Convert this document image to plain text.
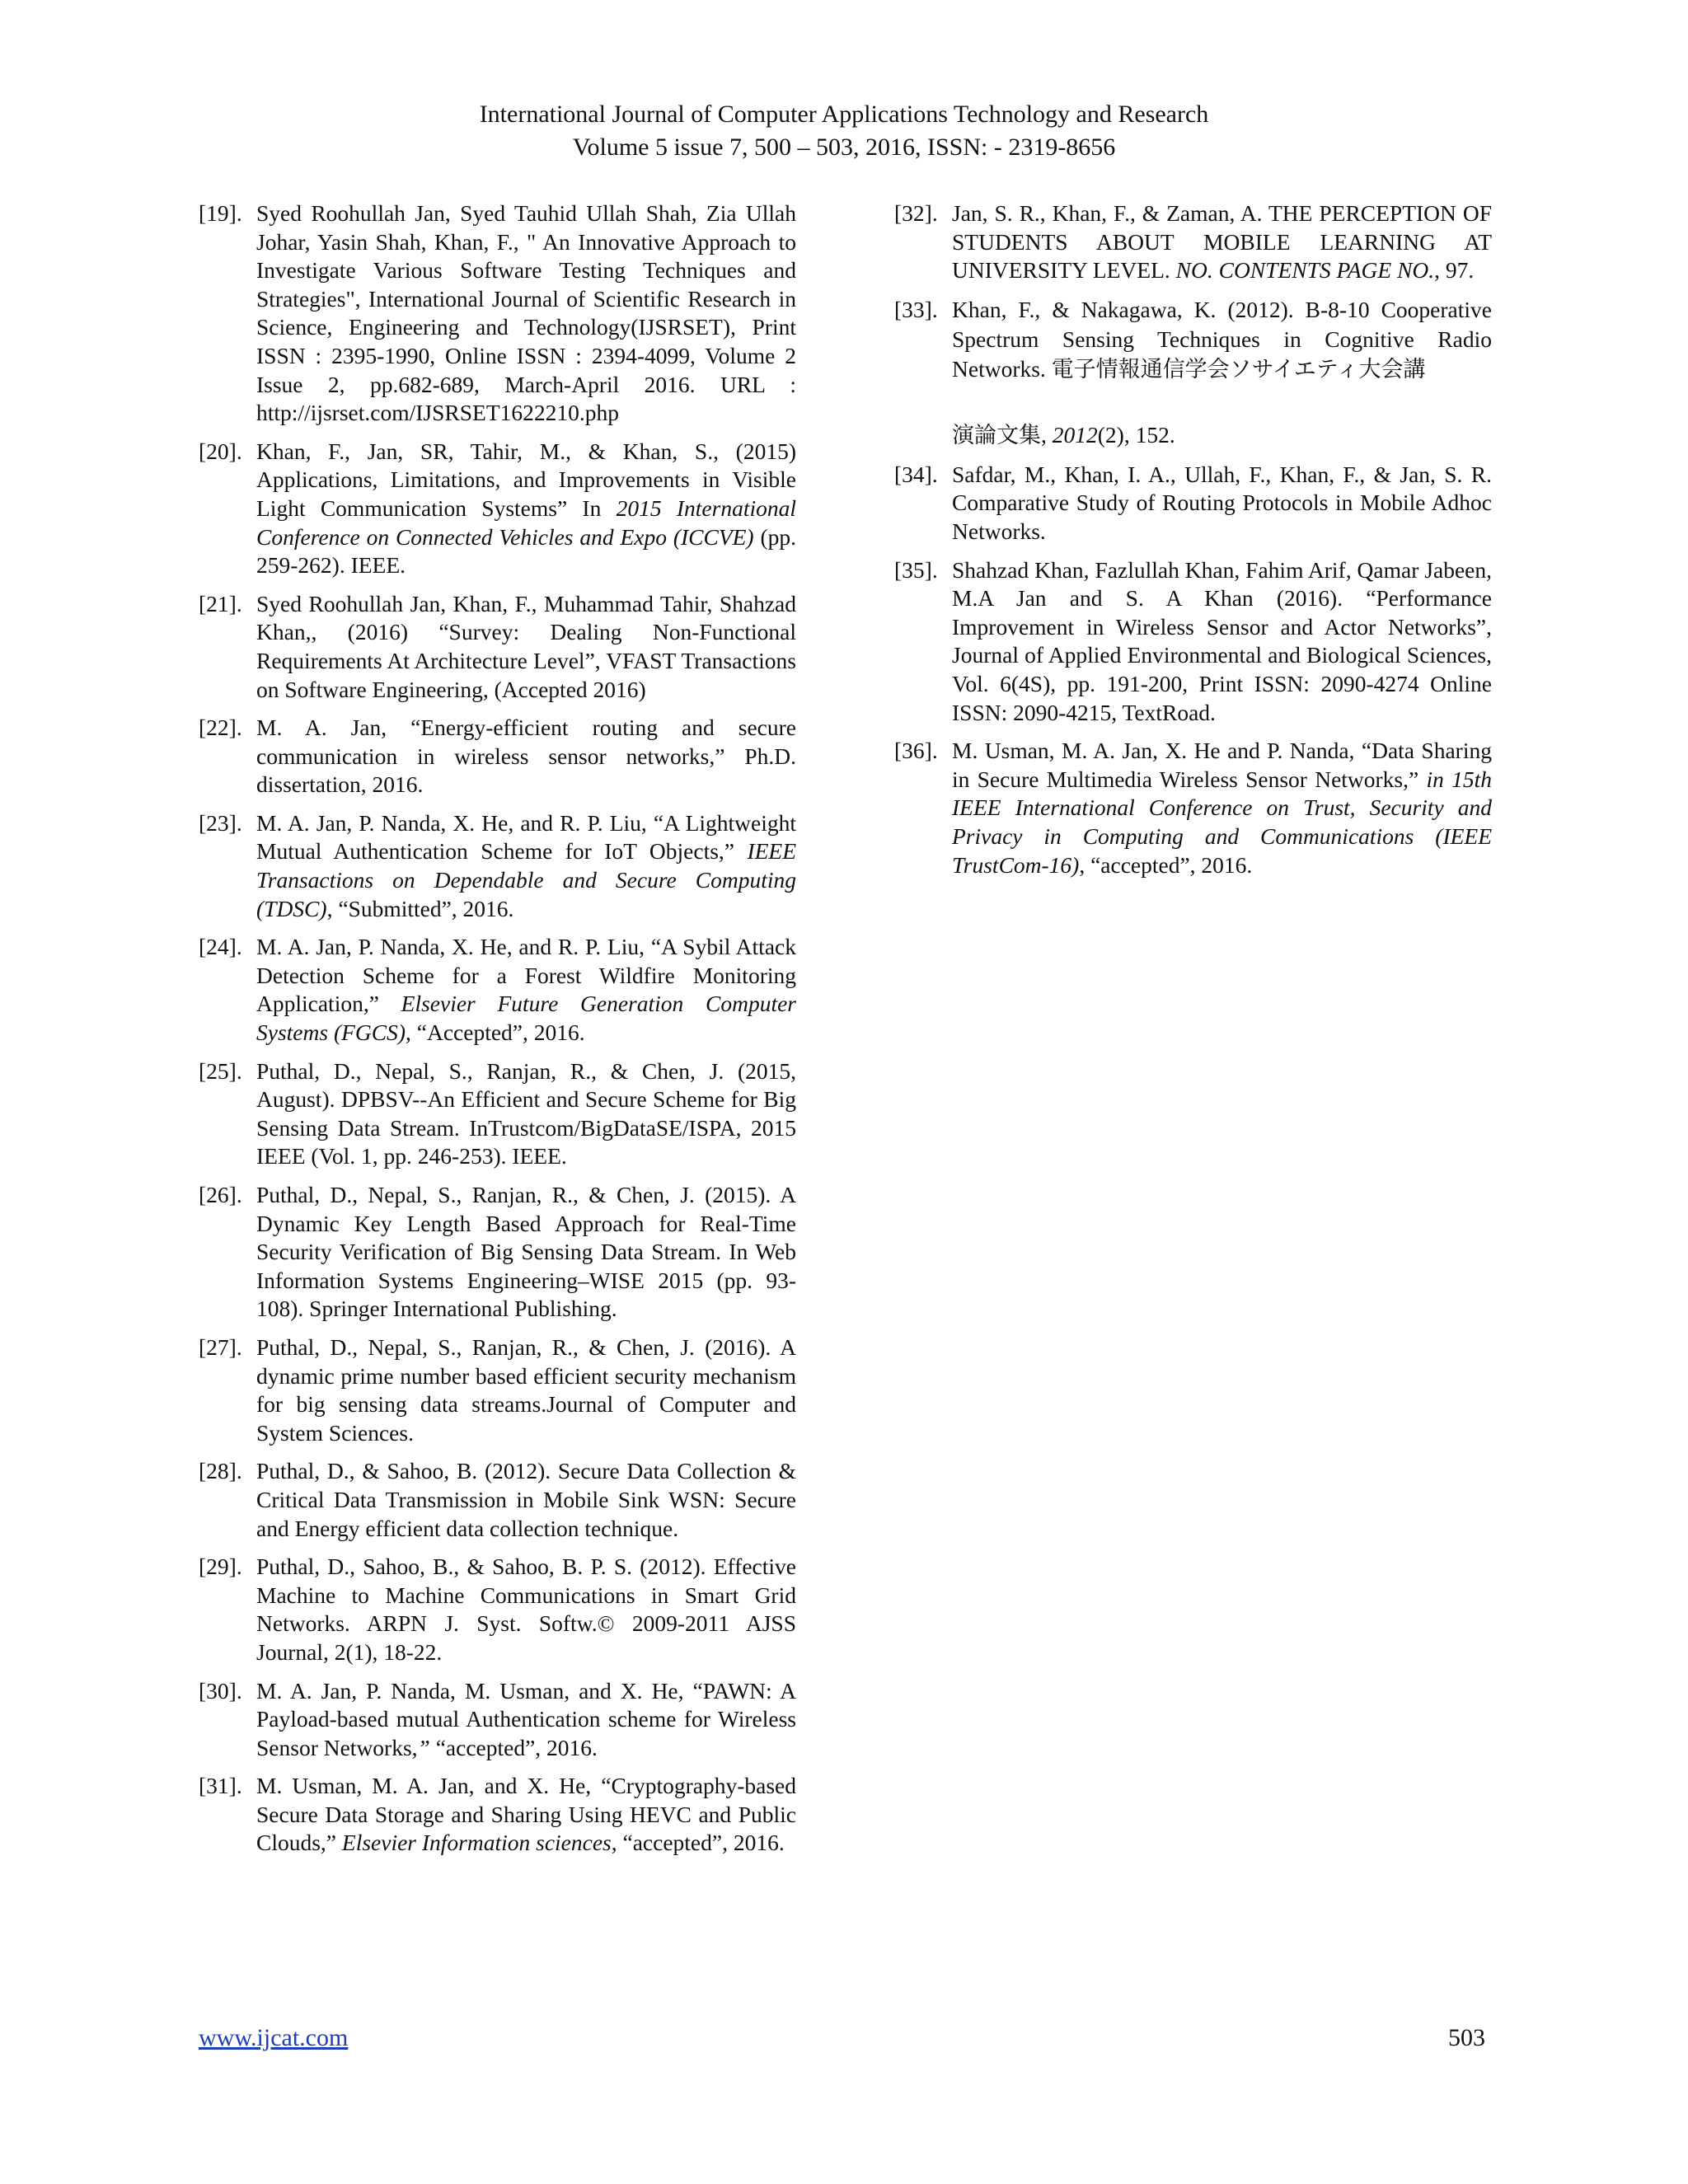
International Journal of Computer Applications Technology and Research
Volume 5 issue 7, 500 – 503, 2016, ISSN: - 2319-8656
[19]. Syed Roohullah Jan, Syed Tauhid Ullah Shah, Zia Ullah Johar, Yasin Shah, Khan, F., " An Innovative Approach to Investigate Various Software Testing Techniques and Strategies", International Journal of Scientific Research in Science, Engineering and Technology(IJSRSET), Print ISSN : 2395-1990, Online ISSN : 2394-4099, Volume 2 Issue 2, pp.682-689, March-April 2016. URL : http://ijsrset.com/IJSRSET1622210.php
[20]. Khan, F., Jan, SR, Tahir, M., & Khan, S., (2015) Applications, Limitations, and Improvements in Visible Light Communication Systems” In 2015 International Conference on Connected Vehicles and Expo (ICCVE) (pp. 259-262). IEEE.
[21]. Syed Roohullah Jan, Khan, F., Muhammad Tahir, Shahzad Khan,, (2016) “Survey: Dealing Non-Functional Requirements At Architecture Level”, VFAST Transactions on Software Engineering, (Accepted 2016)
[22]. M. A. Jan, “Energy-efficient routing and secure communication in wireless sensor networks,” Ph.D. dissertation, 2016.
[23]. M. A. Jan, P. Nanda, X. He, and R. P. Liu, “A Lightweight Mutual Authentication Scheme for IoT Objects,” IEEE Transactions on Dependable and Secure Computing (TDSC), “Submitted”, 2016.
[24]. M. A. Jan, P. Nanda, X. He, and R. P. Liu, “A Sybil Attack Detection Scheme for a Forest Wildfire Monitoring Application,” Elsevier Future Generation Computer Systems (FGCS), “Accepted”, 2016.
[25]. Puthal, D., Nepal, S., Ranjan, R., & Chen, J. (2015, August). DPBSV--An Efficient and Secure Scheme for Big Sensing Data Stream. InTrustcom/BigDataSE/ISPA, 2015 IEEE (Vol. 1, pp. 246-253). IEEE.
[26]. Puthal, D., Nepal, S., Ranjan, R., & Chen, J. (2015). A Dynamic Key Length Based Approach for Real-Time Security Verification of Big Sensing Data Stream. In Web Information Systems Engineering–WISE 2015 (pp. 93-108). Springer International Publishing.
[27]. Puthal, D., Nepal, S., Ranjan, R., & Chen, J. (2016). A dynamic prime number based efficient security mechanism for big sensing data streams.Journal of Computer and System Sciences.
[28]. Puthal, D., & Sahoo, B. (2012). Secure Data Collection & Critical Data Transmission in Mobile Sink WSN: Secure and Energy efficient data collection technique.
[29]. Puthal, D., Sahoo, B., & Sahoo, B. P. S. (2012). Effective Machine to Machine Communications in Smart Grid Networks. ARPN J. Syst. Softw.© 2009-2011 AJSS Journal, 2(1), 18-22.
[30]. M. A. Jan, P. Nanda, M. Usman, and X. He, “PAWN: A Payload-based mutual Authentication scheme for Wireless Sensor Networks,” “accepted”, 2016.
[31]. M. Usman, M. A. Jan, and X. He, “Cryptography-based Secure Data Storage and Sharing Using HEVC and Public Clouds,” Elsevier Information sciences, “accepted”, 2016.
[32]. Jan, S. R., Khan, F., & Zaman, A. THE PERCEPTION OF STUDENTS ABOUT MOBILE LEARNING AT UNIVERSITY LEVEL. NO. CONTENTS PAGE NO., 97.
[33]. Khan, F., & Nakagawa, K. (2012). B-8-10 Cooperative Spectrum Sensing Techniques in Cognitive Radio Networks. 電子情報通信学会ソサイエティ大会講

演論文集, 2012(2), 152.
[34]. Safdar, M., Khan, I. A., Ullah, F., Khan, F., & Jan, S. R. Comparative Study of Routing Protocols in Mobile Adhoc Networks.
[35]. Shahzad Khan, Fazlullah Khan, Fahim Arif, Qamar Jabeen, M.A Jan and S. A Khan (2016). “Performance Improvement in Wireless Sensor and Actor Networks”, Journal of Applied Environmental and Biological Sciences, Vol. 6(4S), pp. 191-200, Print ISSN: 2090-4274 Online ISSN: 2090-4215, TextRoad.
[36]. M. Usman, M. A. Jan, X. He and P. Nanda, “Data Sharing in Secure Multimedia Wireless Sensor Networks,” in 15th IEEE International Conference on Trust, Security and Privacy in Computing and Communications (IEEE TrustCom-16), “accepted”, 2016.
www.ijcat.com	503
